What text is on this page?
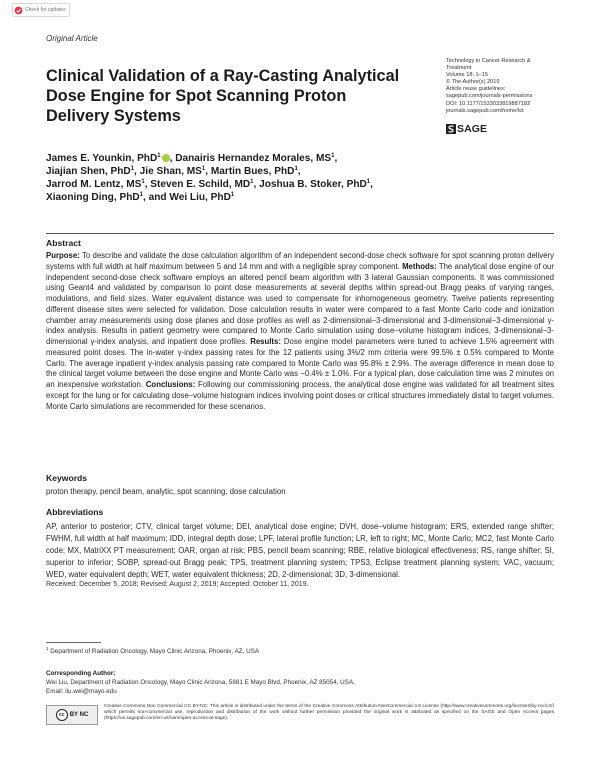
Check for updates
Original Article
Clinical Validation of a Ray-Casting Analytical Dose Engine for Spot Scanning Proton Delivery Systems
Technology in Cancer Research &
Treatment
Volume 18: 1–15
© The Author(s) 2019
Article reuse guidelines:
sagepub.com/journals-permissions
DOI: 10.1177/1533033819887182
journals.sagepub.com/home/tct
SAGE
James E. Younkin, PhD$^1$ , Danairis Hernandez Morales, $MS^1$,
Jiajian Shen, PhD$^1$, Jie Shan, $MS^1$, Martin Bues, PhD$^1$,
Jarrod M. Lentz, $MS^1$, Steven E. Schild, $MD^1$, Joshua B. Stoker, PhD$^1$,
Xiaoning Ding, PhD$^1$, and Wei Liu, PhD$^1$
Abstract

Purpose: To describe and validate the dose calculation algorithm of an independent second-dose check software for spot scanning proton delivery systems with full width at half maximum between 5 and 14 mm and with a negligible spray component. Methods: The analytical dose engine of our independent second-dose check software employs an altered pencil beam algorithm with 3 lateral Gaussian components. It was commissioned using Geant4 and validated by comparison to point dose measurements at several depths within spread-out Bragg peaks of varying ranges, modulations, and field sizes. Water equivalent distance was used to compensate for inhomogeneous geometry. Twelve patients representing different disease sites were selected for validation. Dose calculation results in water were compared to a fast Monte Carlo code and ionization chamber array measurements using dose planes and dose profiles as well as 2-dimensional–3-dimensional and 3-dimensional–3-dimensional γ-index analysis. Results in patient geometry were compared to Monte Carlo simulation using dose–volume histogram indices, 3-dimensional–3-dimensional γ-index analysis, and inpatient dose profiles. Results: Dose engine model parameters were tuned to achieve 1.5% agreement with measured point doses. The in-water γ-index passing rates for the 12 patients using 3%/2 mm criteria were 99.5% ± 0.5% compared to Monte Carlo. The average inpatient γ-index analysis passing rate compared to Monte Carlo was 95.8% ± 2.9%. The average difference in mean dose to the clinical target volume between the dose engine and Monte Carlo was −0.4% ± 1.0%. For a typical plan, dose calculation time was 2 minutes on an inexpensive workstation. Conclusions: Following our commissioning process, the analytical dose engine was validated for all treatment sites except for the lung or for calculating dose–volume histogram indices involving point doses or critical structures immediately distal to target volumes. Monte Carlo simulations are recommended for these scenarios.

Keywords
proton therapy, pencil beam, analytic, spot scanning, dose calculation
Abbreviations

AP, anterior to posterior; CTV, clinical target volume; DEI, analytical dose engine; DVH, dose–volume histogram; ERS, extended range shifter; FWHM, full width at half maximum; IDD, integral depth dose; LPF, lateral profile function; LR, left to right; MC, Monte Carlo; MC2, fast Monte Carlo code; MX, MatriXX PT measurement; OAR, organ at risk; PBS, pencil beam scanning; RBE, relative biological effectiveness; RS, range shifter; SI, superior to inferior; SOBP, spread-out Bragg peak; TPS, treatment planning system; TPS3, Eclipse treatment planning system; VAC, vacuum; WED, water equivalent depth; WET, water equivalent thickness; 2D, 2-dimensional; 3D, 3-dimensional.

Received: December 5, 2018; Revised: August 2, 2019; Accepted: October 11, 2019.
$^1$ Department of Radiation Oncology, Mayo Clinic Arizona, Phoenix, AZ, USA
Corresponding Author:
Wei Liu, Department of Radiation Oncology, Mayo Clinic Arizona, 5881 E Mayo Blvd, Phoenix, AZ 85054, USA.
Email: liu.wei@mayo.edu
cc BY NC

Creative Commons Non Commercial CC BY-NC: This article is distributed under the terms of the Creative Commons Attribution-NonCommercial 4.0 License (http://www.creativecommons.org/licenses/by-nc/4.0/) which permits non-commercial use, reproduction and distribution of the work without further permission provided the original work is attributed as specified on the SAGE and Open Access pages (https://us.sagepub.com/en-us/nam/open-access-at-sage).
